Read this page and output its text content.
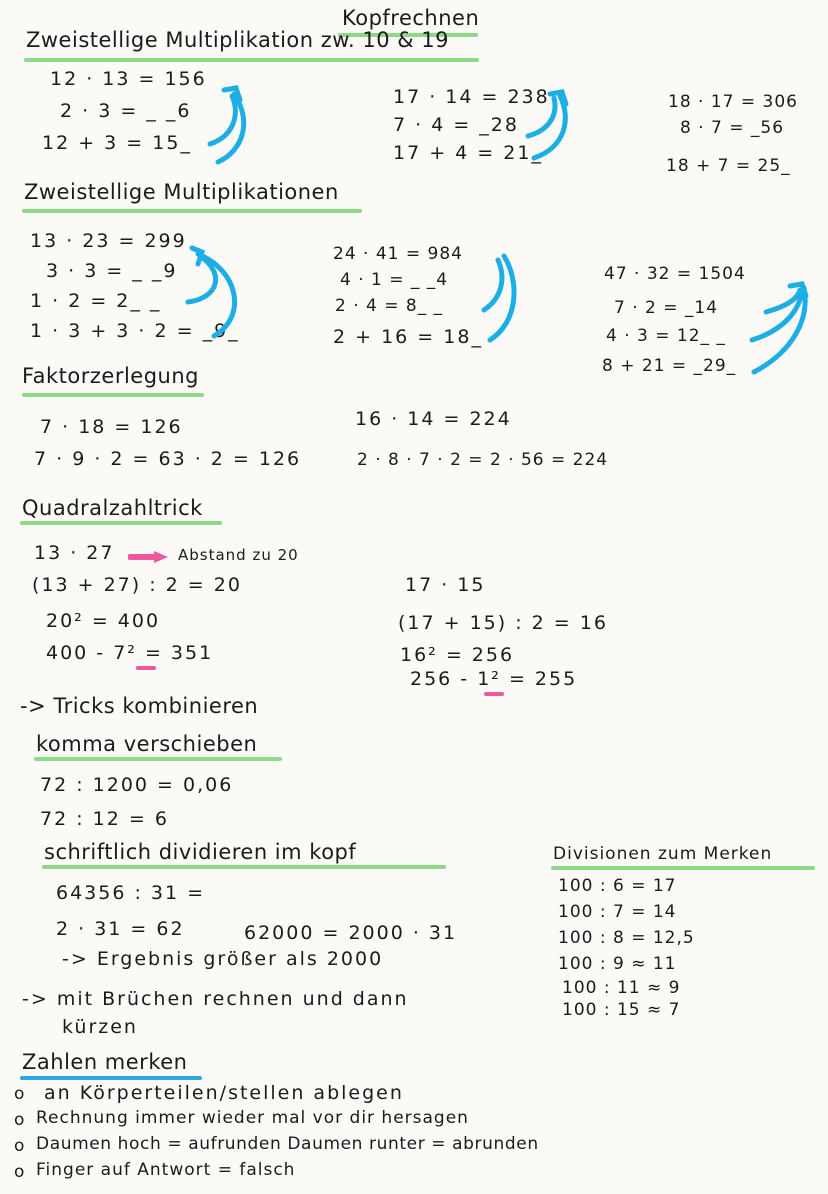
Kopfrechnen
Zweistellige Multiplikation zw. 10 & 19
12 · 13 = 156
2 · 3 = _ _6
12 + 3 = 15_
17 · 14 = 238
7 · 4 = _28
17 + 4 = 21_
18 · 17 = 306
8 · 7 = _56
18 + 7 = 25_
Zweistellige Multiplikationen
13 · 23 = 299
3 · 3 = _ _9
1 · 2 = 2_ _
1 · 3 + 3 · 2 = _9_
24 · 41 = 984
4 · 1 = _ _4
2 · 4 = 8_ _
2 + 16 = 18_
47 · 32 = 1504
7 · 2 = _14
4 · 3 = 12_ _
8 + 21 = _29_
Faktorzerlegung
7 · 18 = 126
7 · 9 · 2 = 63 · 2 = 126
16 · 14 = 224
2 · 8 · 7 · 2 = 2 · 56 = 224
Quadralzahltrick
13 · 27	Abstand zu 20
(13 + 27) : 2 = 20
20² = 400
400 - 7² = 351
17 · 15
(17 + 15) : 2 = 16
16² = 256
256 - 1² = 255
-> Tricks kombinieren
komma verschieben
72 : 1200 = 0,06
72 : 12 = 6
schriftlich dividieren im kopf
64356 : 31 =
2 · 31 = 62	62000 = 2000 · 31
-> Ergebnis größer als 2000
-> mit Brüchen rechnen und dann
kürzen
Divisionen zum Merken
100 : 6 = 17
100 : 7 = 14
100 : 8 = 12,5
100 : 9 ≈ 11
100 : 11 ≈ 9
100 : 15 ≈ 7
Zahlen merken
o an Körperteilen/stellen ablegen
o Rechnung immer wieder mal vor dir hersagen
o Daumen hoch = aufrunden Daumen runter = abrunden
o Finger auf Antwort = falsch
